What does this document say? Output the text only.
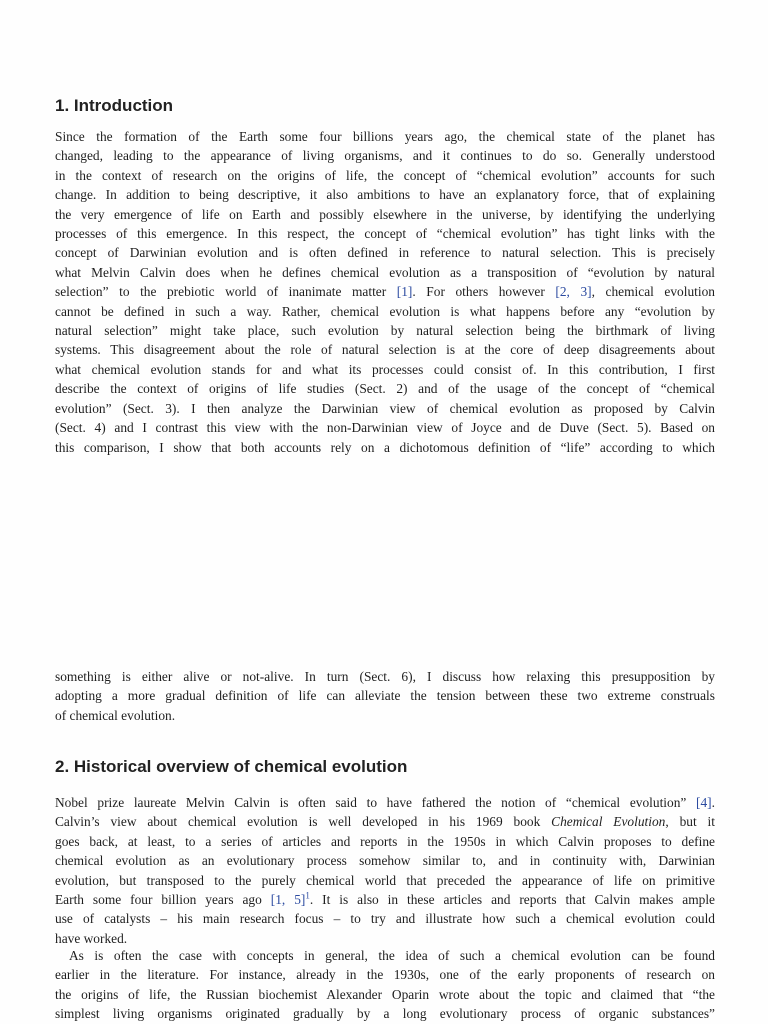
1. Introduction
Since the formation of the Earth some four billions years ago, the chemical state of the planet has
changed, leading to the appearance of living organisms, and it continues to do so. Generally understood
in the context of research on the origins of life, the concept of “chemical evolution” accounts for such
change. In addition to being descriptive, it also ambitions to have an explanatory force, that of explaining
the very emergence of life on Earth and possibly elsewhere in the universe, by identifying the underlying
processes of this emergence. In this respect, the concept of “chemical evolution” has tight links with the
concept of Darwinian evolution and is often defined in reference to natural selection. This is precisely
what Melvin Calvin does when he defines chemical evolution as a transposition of “evolution by natural
selection” to the prebiotic world of inanimate matter [1]. For others however [2, 3], chemical evolution
cannot be defined in such a way. Rather, chemical evolution is what happens before any “evolution by
natural selection” might take place, such evolution by natural selection being the birthmark of living
systems. This disagreement about the role of natural selection is at the core of deep disagreements about
what chemical evolution stands for and what its processes could consist of. In this contribution, I first
describe the context of origins of life studies (Sect. 2) and of the usage of the concept of “chemical
evolution” (Sect. 3). I then analyze the Darwinian view of chemical evolution as proposed by Calvin
(Sect. 4) and I contrast this view with the non-Darwinian view of Joyce and de Duve (Sect. 5). Based on
this comparison, I show that both accounts rely on a dichotomous definition of “life” according to which
something is either alive or not-alive. In turn (Sect. 6), I discuss how relaxing this presupposition by
adopting a more gradual definition of life can alleviate the tension between these two extreme construals
of chemical evolution.
2. Historical overview of chemical evolution
Nobel prize laureate Melvin Calvin is often said to have fathered the notion of “chemical evolution” [4].
Calvin’s view about chemical evolution is well developed in his 1969 book Chemical Evolution, but it
goes back, at least, to a series of articles and reports in the 1950s in which Calvin proposes to define
chemical evolution as an evolutionary process somehow similar to, and in continuity with, Darwinian
evolution, but transposed to the purely chemical world that preceded the appearance of life on primitive
Earth some four billion years ago [1, 5]$^1$. It is also in these articles and reports that Calvin makes ample
use of catalysts – his main research focus – to try and illustrate how such a chemical evolution could
have worked.
As is often the case with concepts in general, the idea of such a chemical evolution can be found
earlier in the literature. For instance, already in the 1930s, one of the early proponents of research on
the origins of life, the Russian biochemist Alexander Oparin wrote about the topic and claimed that “the
simplest living organisms originated gradually by a long evolutionary process of organic substances”
